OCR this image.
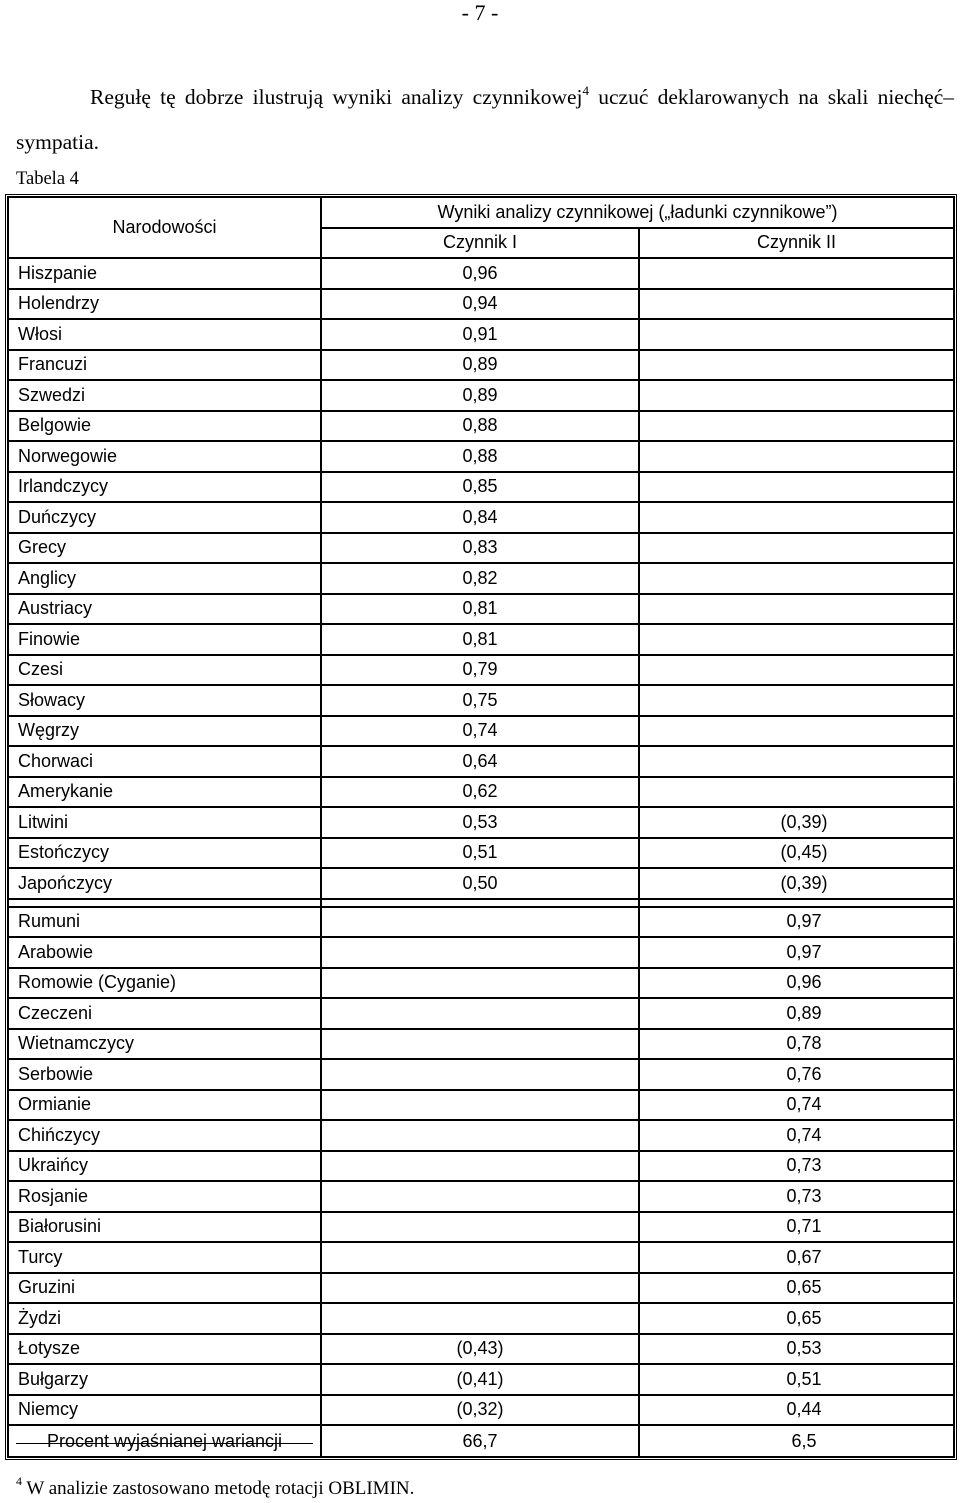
- 7 -

Regułę tę dobrze ilustrują wyniki analizy czynnikowej$^4$ uczuć deklarowanych na skali niechęć–sympatia.

Tabela 4
Narodowości	Wyniki analizy czynnikowej („ładunki czynnikowe”)	
	Czynnik I	Czynnik II
Hiszpanie	0,96	
Holendrzy	0,94	
Włosi	0,91	
Francuzi	0,89	
Szwedzi	0,89	
Belgowie	0,88	
Norwegowie	0,88	
Irlandczycy	0,85	
Duńczycy	0,84	
Grecy	0,83	
Anglicy	0,82	
Austriacy	0,81	
Finowie	0,81	
Czesi	0,79	
Słowacy	0,75	
Węgrzy	0,74	
Chorwaci	0,64	
Amerykanie	0,62	
Litwini	0,53	(0,39)
Estończycy	0,51	(0,45)
Japończycy	0,50	(0,39)

Rumuni		0,97
Arabowie		0,97
Romowie (Cyganie)		0,96
Czeczeni		0,89
Wietnamczycy		0,78
Serbowie		0,76
Ormianie		0,74
Chińczycy		0,74
Ukraińcy		0,73
Rosjanie		0,73
Białorusini		0,71
Turcy		0,67
Gruzini		0,65
Żydzi		0,65
Łotysze	(0,43)	0,53
Bułgarzy	(0,41)	0,51
Niemcy	(0,32)	0,44
Procent wyjaśnianej wariancji	66,7	6,5
$^4$ W analizie zastosowano metodę rotacji OBLIMIN.
